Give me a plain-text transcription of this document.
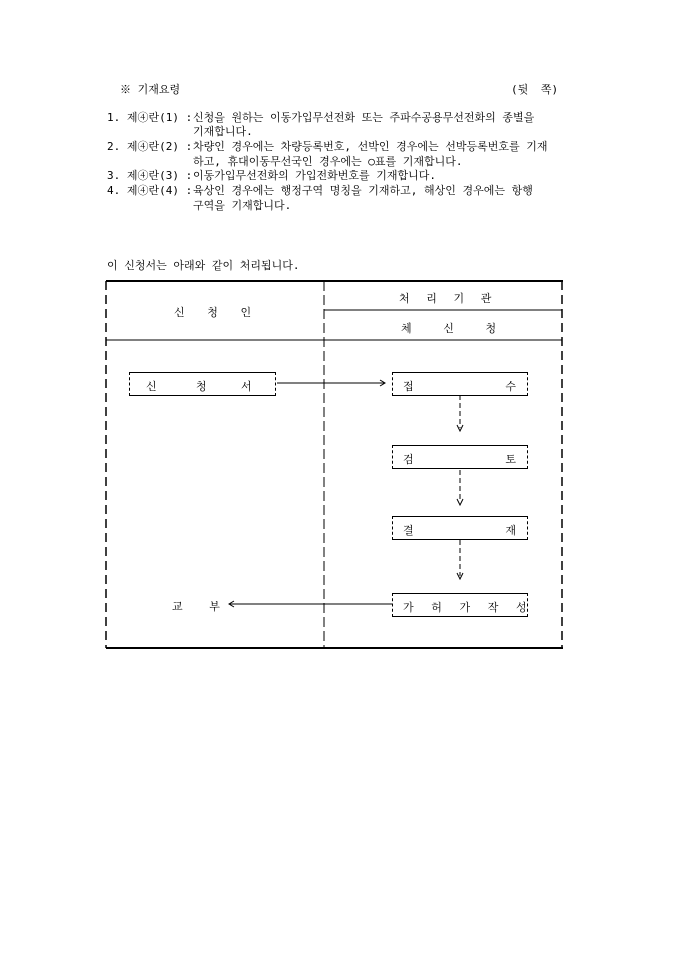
※ 기재요령	(뒷 쪽)
1. 제④란(1) : 신청을 원하는 이동가입무선전화 또는 주파수공용무선전화의 종별을
기재합니다.
2. 제④란(2) : 차량인 경우에는 차량등록번호, 선박인 경우에는 선박등록번호를 기재
하고, 휴대이동무선국인 경우에는 ○표를 기재합니다.
3. 제④란(3) : 이동가입무선전화의 가입전화번호를 기재합니다.
4. 제④란(4) : 육상인 경우에는 행정구역 명칭을 기재하고, 해상인 경우에는 항행
구역을 기재합니다.
이 신청서는 아래와 같이 처리됩니다.
신 청 인
처 리 기 관
체 신 청
신	청	서	접	수
검	토
결	재
가 허 가 작 성
교 부
